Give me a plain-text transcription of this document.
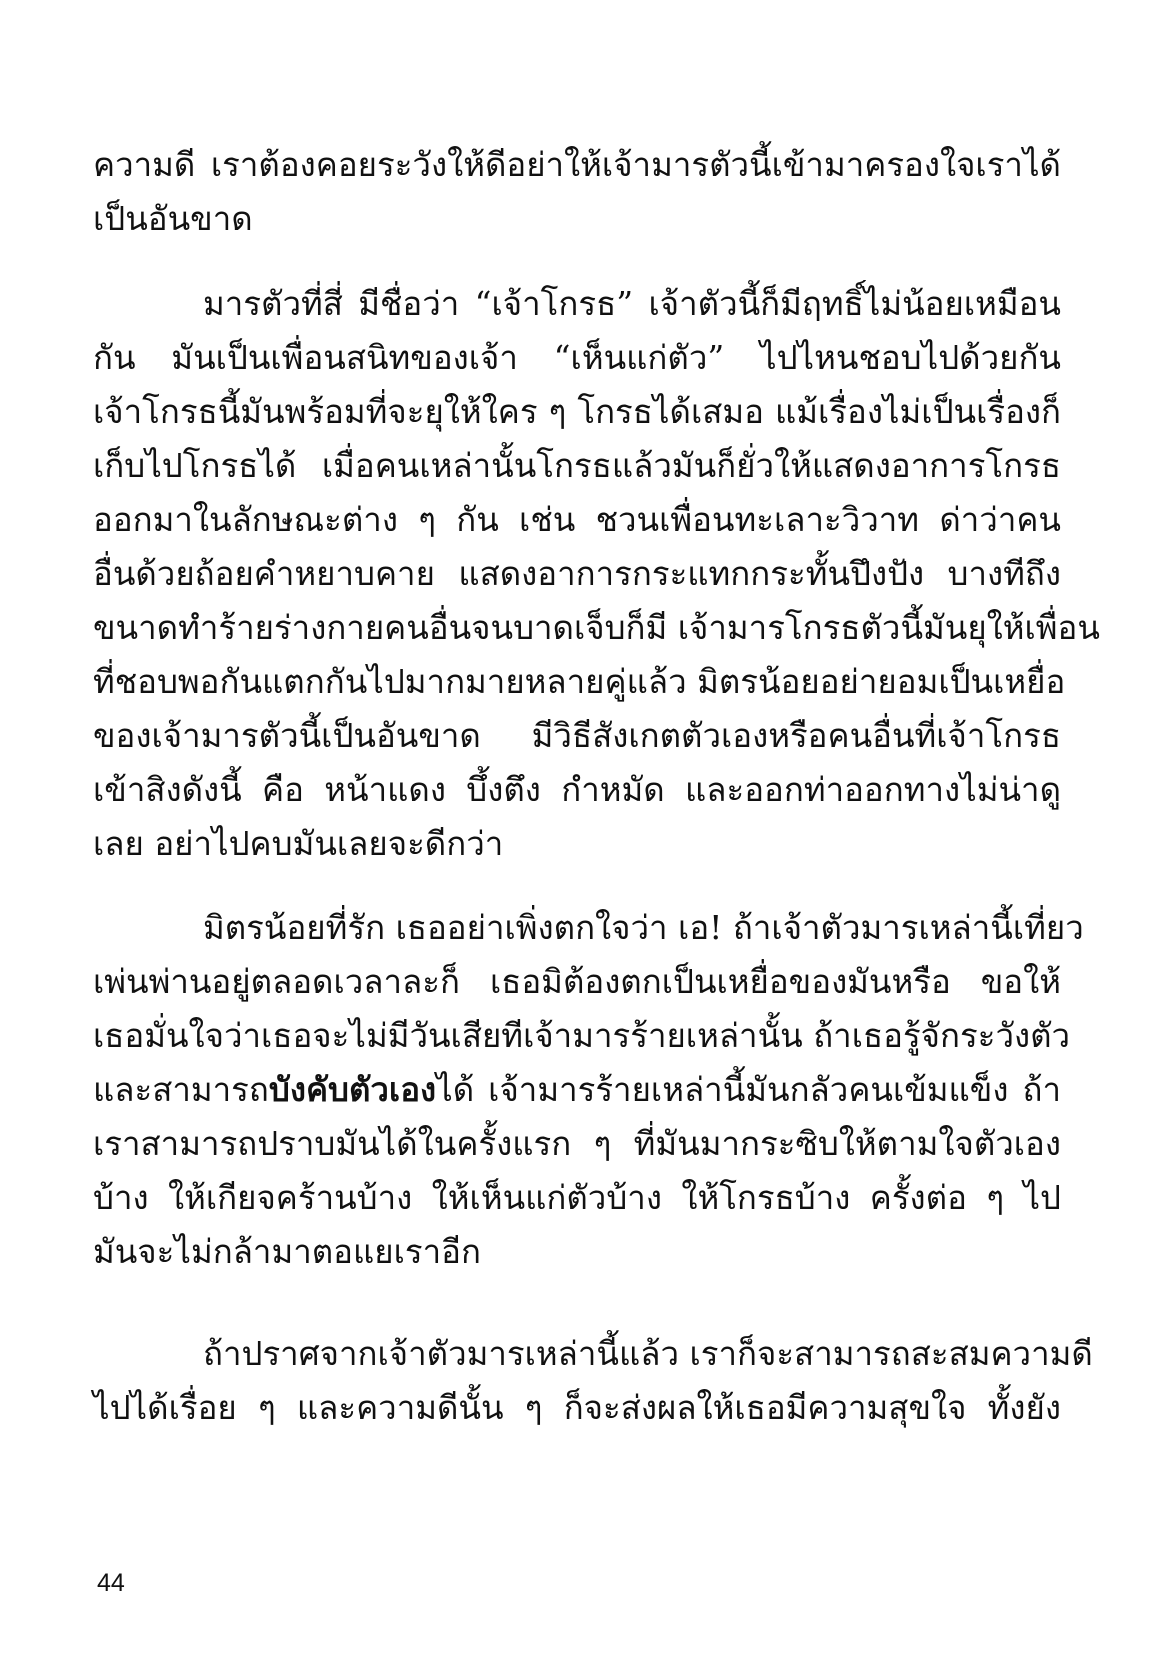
ความดี เราต้องคอยระวังให้ดีอย่าให้เจ้ามารตัวนี้เข้ามาครองใจเราได้
เป็นอันขาด
มารตัวที่สี่ มีชื่อว่า “เจ้าโกรธ” เจ้าตัวนี้ก็มีฤทธิ์ไม่น้อยเหมือน
กัน มันเป็นเพื่อนสนิทของเจ้า “เห็นแก่ตัว” ไปไหนชอบไปด้วยกัน
เจ้าโกรธนี้มันพร้อมที่จะยุให้ใคร ๆ โกรธได้เสมอ แม้เรื่องไม่เป็นเรื่องก็
เก็บไปโกรธได้ เมื่อคนเหล่านั้นโกรธแล้วมันก็ยั่วให้แสดงอาการโกรธ
ออกมาในลักษณะต่าง ๆ กัน เช่น ชวนเพื่อนทะเลาะวิวาท ด่าว่าคน
อื่นด้วยถ้อยคำหยาบคาย แสดงอาการกระแทกกระทั้นปึงปัง บางทีถึง
ขนาดทำร้ายร่างกายคนอื่นจนบาดเจ็บก็มี เจ้ามารโกรธตัวนี้มันยุให้เพื่อน
ที่ชอบพอกันแตกกันไปมากมายหลายคู่แล้ว มิตรน้อยอย่ายอมเป็นเหยื่อ
ของเจ้ามารตัวนี้เป็นอันขาด มีวิธีสังเกตตัวเองหรือคนอื่นที่เจ้าโกรธ
เข้าสิงดังนี้ คือ หน้าแดง บึ้งตึง กำหมัด และออกท่าออกทางไม่น่าดู
เลย อย่าไปคบมันเลยจะดีกว่า
มิตรน้อยที่รัก เธออย่าเพิ่งตกใจว่า เอ! ถ้าเจ้าตัวมารเหล่านี้เที่ยว
เพ่นพ่านอยู่ตลอดเวลาละก็ เธอมิต้องตกเป็นเหยื่อของมันหรือ ขอให้
เธอมั่นใจว่าเธอจะไม่มีวันเสียทีเจ้ามารร้ายเหล่านั้น ถ้าเธอรู้จักระวังตัว
และสามารถบังคับตัวเองได้ เจ้ามารร้ายเหล่านี้มันกลัวคนเข้มแข็ง ถ้า
เราสามารถปราบมันได้ในครั้งแรก ๆ ที่มันมากระซิบให้ตามใจตัวเอง
บ้าง ให้เกียจคร้านบ้าง ให้เห็นแก่ตัวบ้าง ให้โกรธบ้าง ครั้งต่อ ๆ ไป
มันจะไม่กล้ามาตอแยเราอีก
ถ้าปราศจากเจ้าตัวมารเหล่านี้แล้ว เราก็จะสามารถสะสมความดี
ไปได้เรื่อย ๆ และความดีนั้น ๆ ก็จะส่งผลให้เธอมีความสุขใจ ทั้งยัง
44
